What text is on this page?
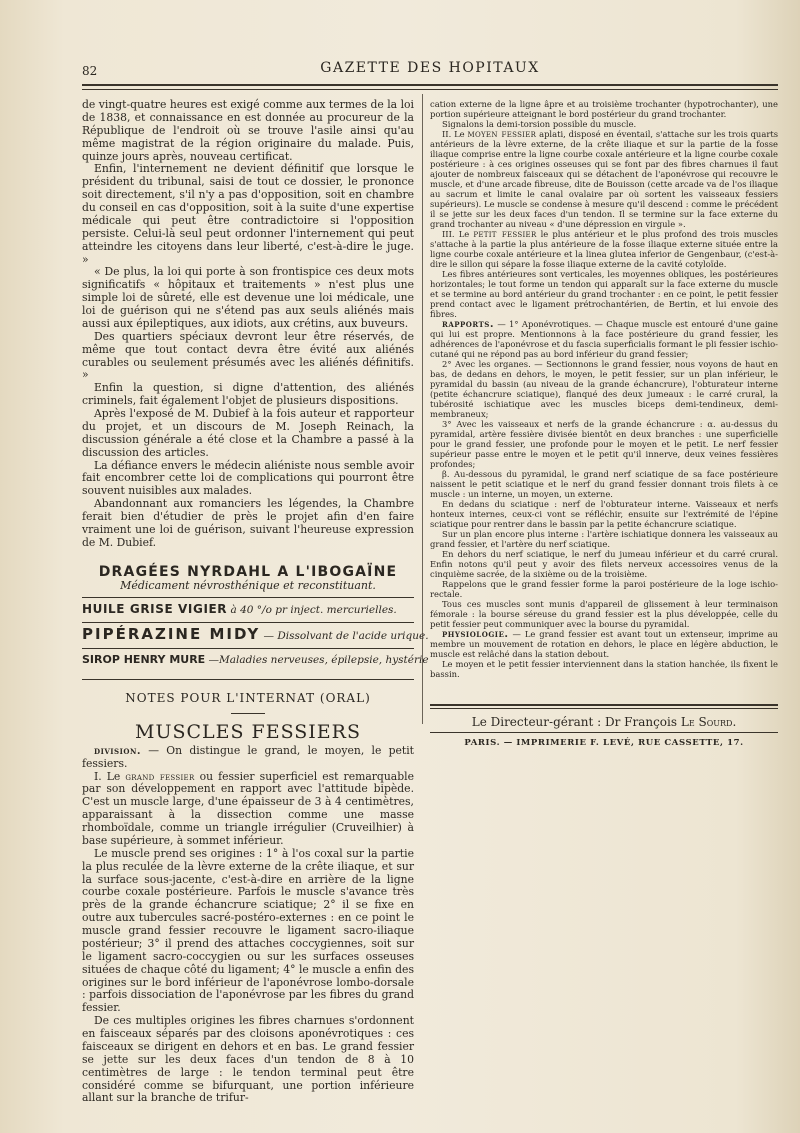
82	GAZETTE DES HOPITAUX

de vingt-quatre heures est exigé comme aux termes de la loi de 1838, et connaissance en est donnée au procureur de la République de l'endroit où se trouve l'asile ainsi qu'au même magistrat de la région originaire du malade. Puis, quinze jours après, nouveau certificat.

Enfin, l'internement ne devient définitif que lorsque le président du tribunal, saisi de tout ce dossier, le prononce soit directement, s'il n'y a pas d'opposition, soit en chambre du conseil en cas d'opposition, soit à la suite d'une expertise médicale qui peut être contradictoire si l'opposition persiste. Celui-là seul peut ordonner l'internement qui peut atteindre les citoyens dans leur liberté, c'est-à-dire le juge. »

« De plus, la loi qui porte à son frontispice ces deux mots significatifs « hôpitaux et traitements » n'est plus une simple loi de sûreté, elle est devenue une loi médicale, une loi de guérison qui ne s'étend pas aux seuls aliénés mais aussi aux épileptiques, aux idiots, aux crétins, aux buveurs.

Des quartiers spéciaux devront leur être réservés, de même que tout contact devra être évité aux aliénés curables ou seulement présumés avec les aliénés définitifs. »

Enfin la question, si digne d'attention, des aliénés criminels, fait également l'objet de plusieurs dispositions.

Après l'exposé de M. Dubief à la fois auteur et rapporteur du projet, et un discours de M. Joseph Reinach, la discussion générale a été close et la Chambre a passé à la discussion des articles.

La défiance envers le médecin aliéniste nous semble avoir fait encombrer cette loi de complications qui pourront être souvent nuisibles aux malades.

Abandonnant aux romanciers les légendes, la Chambre ferait bien d'étudier de près le projet afin d'en faire vraiment une loi de guérison, suivant l'heureuse expression de M. Dubief.

DRAGÉES NYRDAHL A L'IBOGAÏNE
Médicament névrosthénique et reconstituant.
HUILE GRISE VIGIER à 40 °/o pr inject. mercurielles.
PIPÉRAZINE MIDY — Dissolvant de l'acide urique.
SIROP HENRY MURE —Maladies nerveuses, épilepsie, hystérie
NOTES POUR L'INTERNAT (ORAL)
MUSCLES FESSIERS

division. — On distingue le grand, le moyen, le petit fessiers.

I. Le grand fessier ou fessier superficiel est remarquable par son développement en rapport avec l'attitude bipède. C'est un muscle large, d'une épaisseur de 3 à 4 centimètres, apparaissant à la dissection comme une masse rhomboïdale, comme un triangle irrégulier (Cruveilhier) à base supérieure, à sommet inférieur.

Le muscle prend ses origines : 1° à l'os coxal sur la partie la plus reculée de la lèvre externe de la crête iliaque, et sur la surface sous-jacente, c'est-à-dire en arrière de la ligne courbe coxale postérieure. Parfois le muscle s'avance très près de la grande échancrure sciatique; 2° il se fixe en outre aux tubercules sacré-postéro-externes : en ce point le muscle grand fessier recouvre le ligament sacro-iliaque postérieur; 3° il prend des attaches coccygiennes, soit sur le ligament sacro-coccygien ou sur les surfaces osseuses situées de chaque côté du ligament; 4° le muscle a enfin des origines sur le bord inférieur de l'aponévrose lombo-dorsale : parfois dissociation de l'aponévrose par les fibres du grand fessier.

De ces multiples origines les fibres charnues s'ordonnent en faisceaux séparés par des cloisons aponévrotiques : ces faisceaux se dirigent en dehors et en bas. Le grand fessier se jette sur les deux faces d'un tendon de 8 à 10 centimètres de large : le tendon terminal peut être considéré comme se bifurquant, une portion inférieure allant sur la branche de trifur-

cation externe de la ligne âpre et au troisième trochanter (hypotrochanter), une portion supérieure atteignant le bord postérieur du grand trochanter.

Signalons la demi-torsion possible du muscle.

II. Le moyen fessier aplati, disposé en éventail, s'attache sur les trois quarts antérieurs de la lèvre externe, de la crête iliaque et sur la partie de la fosse iliaque comprise entre la ligne courbe coxale antérieure et la ligne courbe coxale postérieure : à ces origines osseuses qui se font par des fibres charnues il faut ajouter de nombreux faisceaux qui se détachent de l'aponévrose qui recouvre le muscle, et d'une arcade fibreuse, dite de Bouisson (cette arcade va de l'os iliaque au sacrum et limite le canal ovalaire par où sortent les vaisseaux fessiers supérieurs). Le muscle se condense à mesure qu'il descend : comme le précédent il se jette sur les deux faces d'un tendon. Il se termine sur la face externe du grand trochanter au niveau « d'une dépression en virgule ».

III. Le petit fessier le plus antérieur et le plus profond des trois muscles s'attache à la partie la plus antérieure de la fosse iliaque externe située entre la ligne courbe coxale antérieure et la linea glutea inferior de Gengenbaur, (c'est-à-dire le sillon qui sépare la fosse iliaque externe de la cavité cotyloïde.

Les fibres antérieures sont verticales, les moyennes obliques, les postérieures horizontales; le tout forme un tendon qui apparaît sur la face externe du muscle et se termine au bord antérieur du grand trochanter : en ce point, le petit fessier prend contact avec le ligament prétrochantérien, de Bertin, et lui envoie des fibres.

rapports. — 1° Aponévrotiques. — Chaque muscle est entouré d'une gaine qui lui est propre. Mentionnons à la face postérieure du grand fessier, les adhérences de l'aponévrose et du fascia superficialis formant le pli fessier ischio-cutané qui ne répond pas au bord inférieur du grand fessier;

2° Avec les organes. — Sectionnons le grand fessier, nous voyons de haut en bas, de dedans en dehors, le moyen, le petit fessier, sur un plan inférieur, le pyramidal du bassin (au niveau de la grande échancrure), l'obturateur interne (petite échancrure sciatique), flanqué des deux jumeaux : le carré crural, la tubérosité ischiatique avec les muscles biceps demi-tendineux, demi-membraneux;

3° Avec les vaisseaux et nerfs de la grande échancrure : α. au-dessus du pyramidal, artère fessière divisée bientôt en deux branches : une superficielle pour le grand fessier, une profonde pour le moyen et le petit. Le nerf fessier supérieur passe entre le moyen et le petit qu'il innerve, deux veines fessières profondes;

β. Au-dessous du pyramidal, le grand nerf sciatique de sa face postérieure naissent le petit sciatique et le nerf du grand fessier donnant trois filets à ce muscle : un interne, un moyen, un externe.

En dedans du sciatique : nerf de l'obturateur interne. Vaisseaux et nerfs honteux internes, ceux-ci vont se réfléchir, ensuite sur l'extrémité de l'épine sciatique pour rentrer dans le bassin par la petite échancrure sciatique.

Sur un plan encore plus interne : l'artère ischiatique donnera les vaisseaux au grand fessier, et l'artère du nerf sciatique.

En dehors du nerf sciatique, le nerf du jumeau inférieur et du carré crural. Enfin notons qu'il peut y avoir des filets nerveux accessoires venus de la cinquième sacrée, de la sixième ou de la troisième.

Rappelons que le grand fessier forme la paroi postérieure de la loge ischio-rectale.

Tous ces muscles sont munis d'appareil de glissement à leur terminaison fémorale : la bourse séreuse du grand fessier est la plus développée, celle du petit fessier peut communiquer avec la bourse du pyramidal.

physiologie. — Le grand fessier est avant tout un extenseur, imprime au membre un mouvement de rotation en dehors, le place en légère abduction, le muscle est relâché dans la station debout.

Le moyen et le petit fessier interviennent dans la station hanchée, ils fixent le bassin.

Le Directeur-gérant : Dr François Le Sourd.
PARIS. — IMPRIMERIE F. LEVÉ, RUE CASSETTE, 17.
